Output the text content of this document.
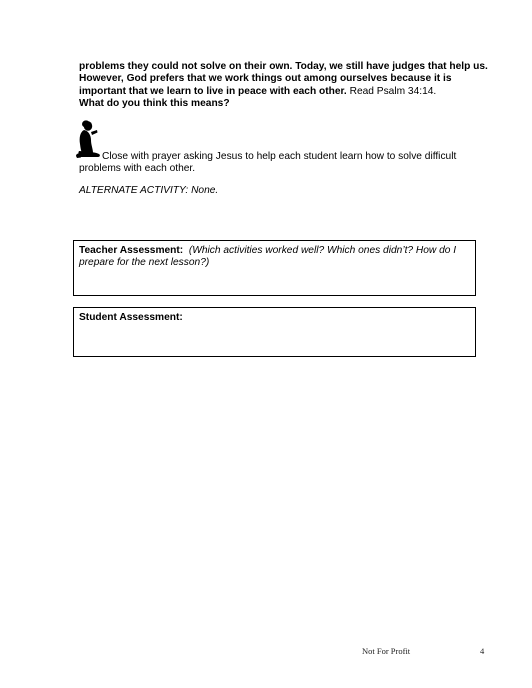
problems they could not solve on their own. Today, we still have judges that help us. However, God prefers that we work things out among ourselves because it is important that we learn to live in peace with each other. Read Psalm 34:14.
What do you think this means?

Close with prayer asking Jesus to help each student learn how to solve difficult problems with each other.

ALTERNATE ACTIVITY: None.

Teacher Assessment: (Which activities worked well? Which ones didn’t? How do I prepare for the next lesson?)
Student Assessment:
Not For Profit	4
